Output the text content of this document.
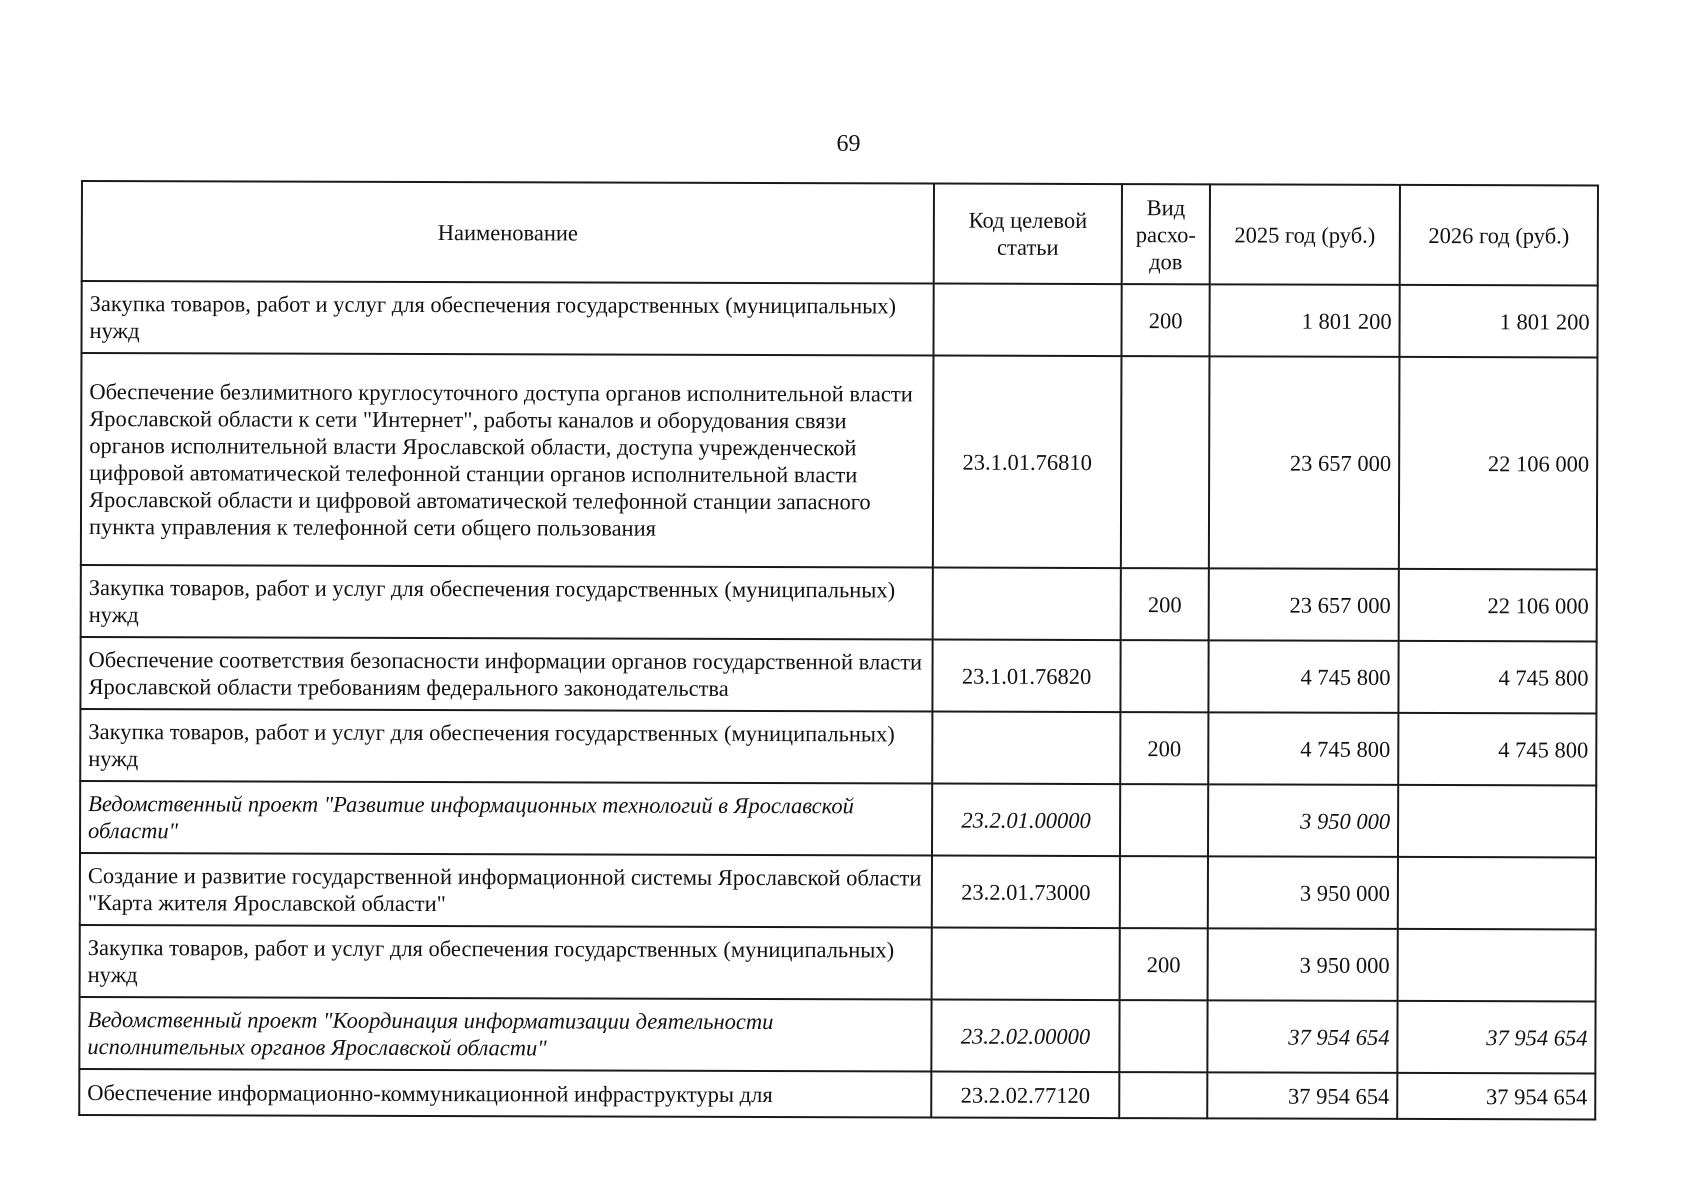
69
Наименование	Код целевой статьи	Вид расхо-дов	2025 год (руб.)	2026 год (руб.)
Закупка товаров, работ и услуг для обеспечения государственных (муниципальных) нужд		200	1 801 200	1 801 200
Обеспечение безлимитного круглосуточного доступа органов исполнительной власти Ярославской области к сети "Интернет", работы каналов и оборудования связи органов исполнительной власти Ярославской области, доступа учрежденческой цифровой автоматической телефонной станции органов исполнительной власти Ярославской области и цифровой автоматической телефонной станции запасного пункта управления к телефонной сети общего пользования	23.1.01.76810		23 657 000	22 106 000
Закупка товаров, работ и услуг для обеспечения государственных (муниципальных) нужд		200	23 657 000	22 106 000
Обеспечение соответствия безопасности информации органов государственной власти Ярославской области требованиям федерального законодательства	23.1.01.76820		4 745 800	4 745 800
Закупка товаров, работ и услуг для обеспечения государственных (муниципальных) нужд		200	4 745 800	4 745 800
Ведомственный проект "Развитие информационных технологий в Ярославской области"	23.2.01.00000		3 950 000	
Создание и развитие государственной информационной системы Ярославской области "Карта жителя Ярославской области"	23.2.01.73000		3 950 000	
Закупка товаров, работ и услуг для обеспечения государственных (муниципальных) нужд		200	3 950 000	
Ведомственный проект "Координация информатизации деятельности исполнительных органов Ярославской области"	23.2.02.00000		37 954 654	37 954 654
Обеспечение информационно-коммуникационной инфраструктуры для	23.2.02.77120		37 954 654	37 954 654
